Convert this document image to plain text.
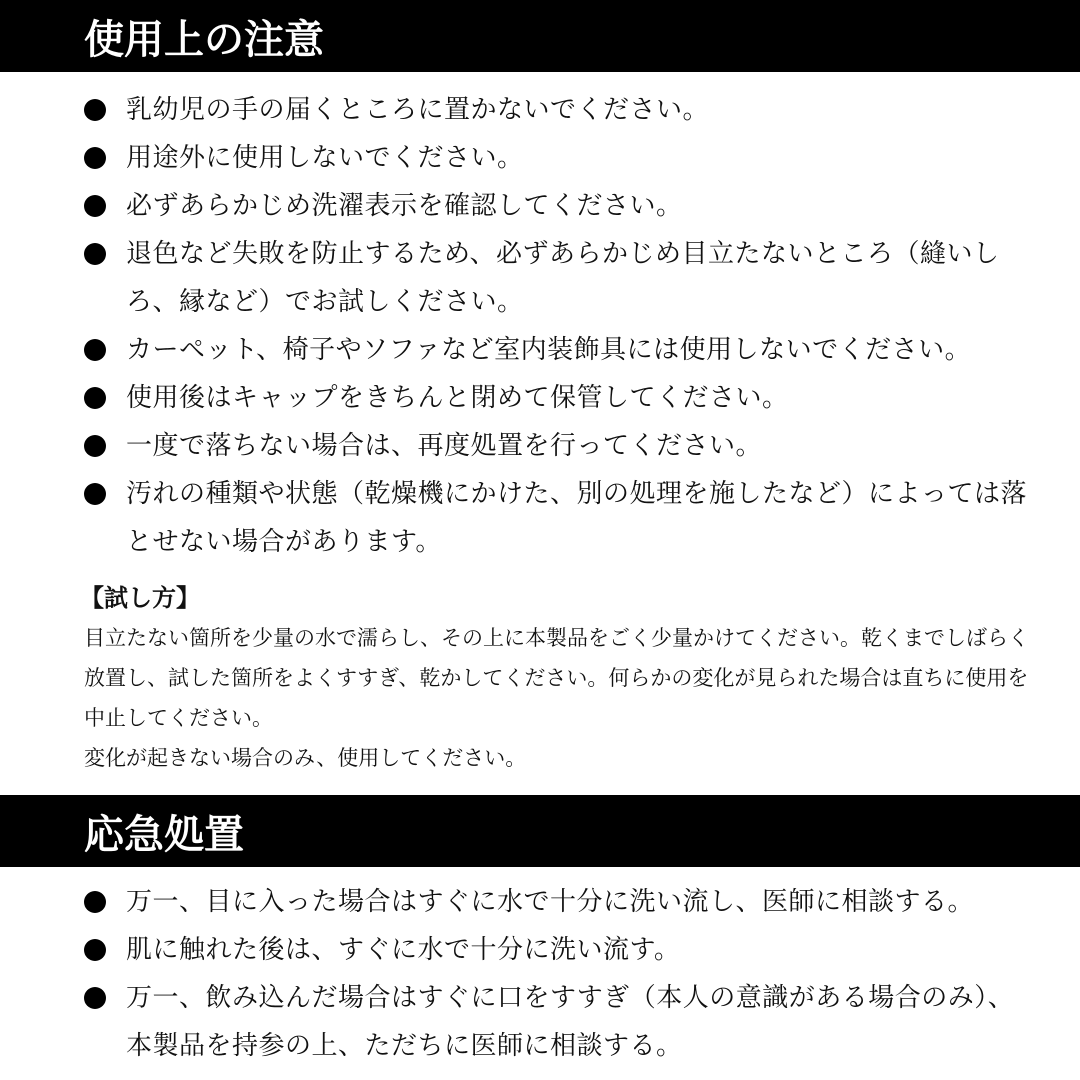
使用上の注意
乳幼児の手の届くところに置かないでください。
用途外に使用しないでください。
必ずあらかじめ洗濯表示を確認してください。
退色など失敗を防止するため、必ずあらかじめ目立たないところ（縫いしろ、縁など）でお試しください。
カーペット、椅子やソファなど室内装飾具には使用しないでください。
使用後はキャップをきちんと閉めて保管してください。
一度で落ちない場合は、再度処置を行ってください。
汚れの種類や状態（乾燥機にかけた、別の処理を施したなど）によっては落とせない場合があります。
【試し方】

目立たない箇所を少量の水で濡らし、その上に本製品をごく少量かけてください。乾くまでしばらく放置し、試した箇所をよくすすぎ、乾かしてください。何らかの変化が見られた場合は直ちに使用を中止してください。

変化が起きない場合のみ、使用してください。

応急処置
万一、目に入った場合はすぐに水で十分に洗い流し、医師に相談する。
肌に触れた後は、すぐに水で十分に洗い流す。
万一、飲み込んだ場合はすぐに口をすすぎ（本人の意識がある場合のみ）、本製品を持参の上、ただちに医師に相談する。
